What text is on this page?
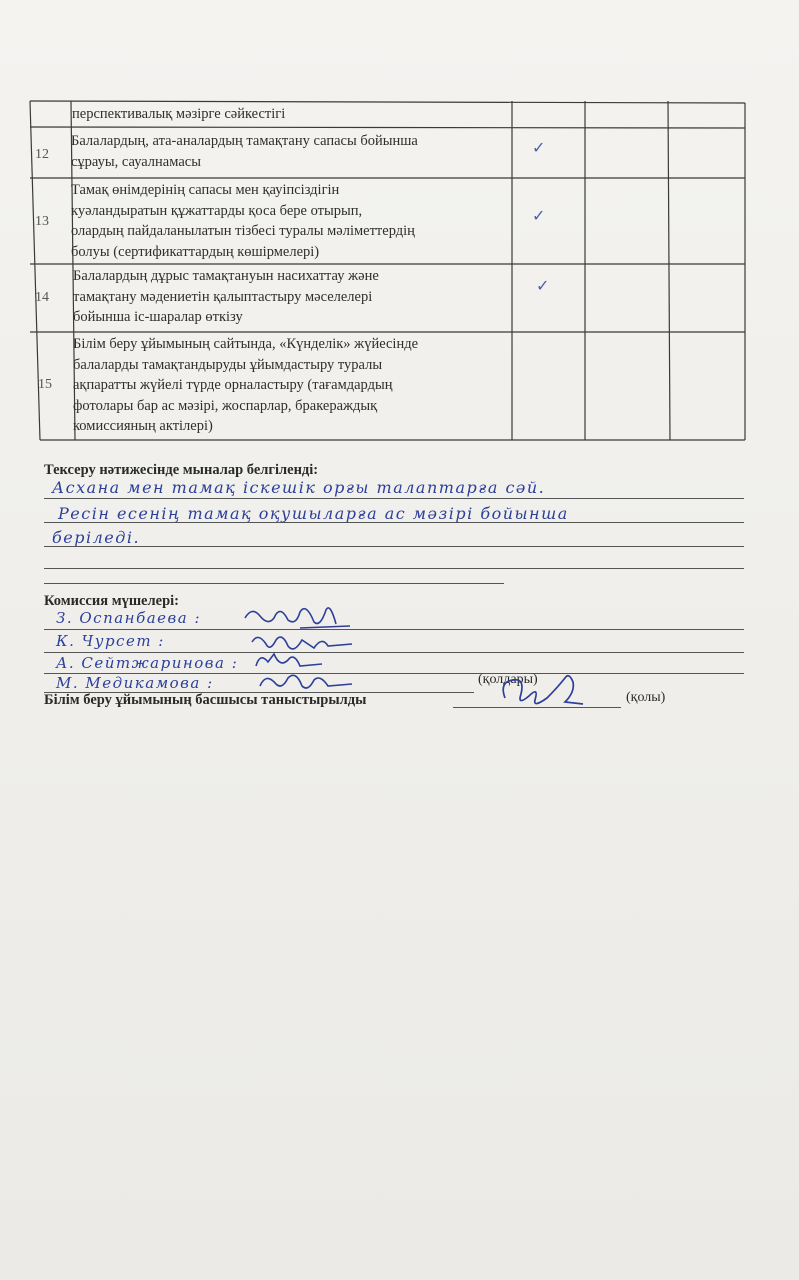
перспективалық мәзірге сәйкестігі
12
Балалардың, ата-аналардың тамақтану сапасы бойынша
сұрауы, сауалнамасы
✓
13
Тамақ өнімдерінің сапасы мен қауіпсіздігін
куәландыратын құжаттарды қоса бере отырып,
олардың пайдаланылатын тізбесі туралы мәліметтердің
болуы (сертификаттардың көшірмелері)
✓
14
Балалардың дұрыс тамақтануын насихаттау және
тамақтану мәдениетін қалыптастыру мәселелері
бойынша іс-шаралар өткізу
✓
15
Білім беру ұйымының сайтында, «Күнделік» жүйесінде
балаларды тамақтандыруды ұйымдастыру туралы
ақпаратты жүйелі түрде орналастыру (тағамдардың
фотолары бар ас мәзірі, жоспарлар, бракераждық
комиссияның актілері)
Тексеру нәтижесінде мыналар белгіленді:
Асхана мен тамақ іскешік орғы талаптарға сәй.
Ресін есенің тамақ оқушыларға ас мәзірі бойынша
беріледі.
Комиссия мүшелері:
З. Оспанбаева :
К. Чурсет :
А. Сейтжаринова :
М. Медикамова :	(қолдары)
Білім беру ұйымының басшысы таныстырылды	(қолы)
